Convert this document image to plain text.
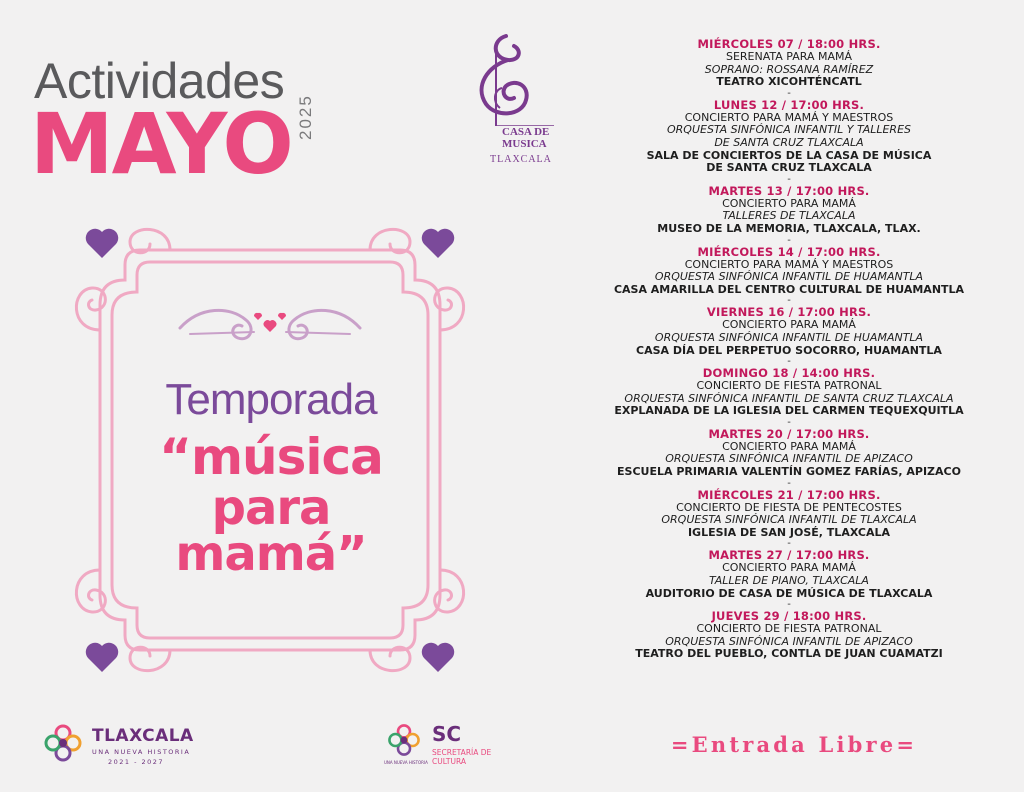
Actividades
MAYO 2025	CASA DE
MUSICA
TLAXCALA
Temporada
“música
para
mamá”
TLAXCALA
UNA NUEVA HISTORIA
2021 - 2027	UNA NUEVA HISTORIA
SC
SECRETARÍA DE
CULTURA
MIÉRCOLES 07 / 18:00 HRS.
SERENATA PARA MAMÁ
SOPRANO: ROSSANA RAMÍREZ
TEATRO XICOHTÉNCATL
-
LUNES 12 / 17:00 HRS.
CONCIERTO PARA MAMÁ Y MAESTROS
ORQUESTA SINFÓNICA INFANTIL Y TALLERES
DE SANTA CRUZ TLAXCALA
SALA DE CONCIERTOS DE LA CASA DE MÚSICA
DE SANTA CRUZ TLAXCALA
-
MARTES 13 / 17:00 HRS.
CONCIERTO PARA MAMÁ
TALLERES DE TLAXCALA
MUSEO DE LA MEMORIA, TLAXCALA, TLAX.
-
MIÉRCOLES 14 / 17:00 HRS.
CONCIERTO PARA MAMÁ Y MAESTROS
ORQUESTA SINFÓNICA INFANTIL DE HUAMANTLA
CASA AMARILLA DEL CENTRO CULTURAL DE HUAMANTLA
-
VIERNES 16 / 17:00 HRS.
CONCIERTO PARA MAMÁ
ORQUESTA SINFÓNICA INFANTIL DE HUAMANTLA
CASA DÍA DEL PERPETUO SOCORRO, HUAMANTLA
-
DOMINGO 18 / 14:00 HRS.
CONCIERTO DE FIESTA PATRONAL
ORQUESTA SINFÓNICA INFANTIL DE SANTA CRUZ TLAXCALA
EXPLANADA DE LA IGLESIA DEL CARMEN TEQUEXQUITLA
-
MARTES 20 / 17:00 HRS.
CONCIERTO PARA MAMÁ
ORQUESTA SINFÓNICA INFANTIL DE APIZACO
ESCUELA PRIMARIA VALENTÍN GOMEZ FARÍAS, APIZACO
-
MIÉRCOLES 21 / 17:00 HRS.
CONCIERTO DE FIESTA DE PENTECOSTES
ORQUESTA SINFÓNICA INFANTIL DE TLAXCALA
IGLESIA DE SAN JOSÉ, TLAXCALA
-
MARTES 27 / 17:00 HRS.
CONCIERTO PARA MAMÁ
TALLER DE PIANO, TLAXCALA
AUDITORIO DE CASA DE MÚSICA DE TLAXCALA
-
JUEVES 29 / 18:00 HRS.
CONCIERTO DE FIESTA PATRONAL
ORQUESTA SINFÓNICA INFANTIL DE APIZACO
TEATRO DEL PUEBLO, CONTLA DE JUAN CUAMATZI
=Entrada Libre=
